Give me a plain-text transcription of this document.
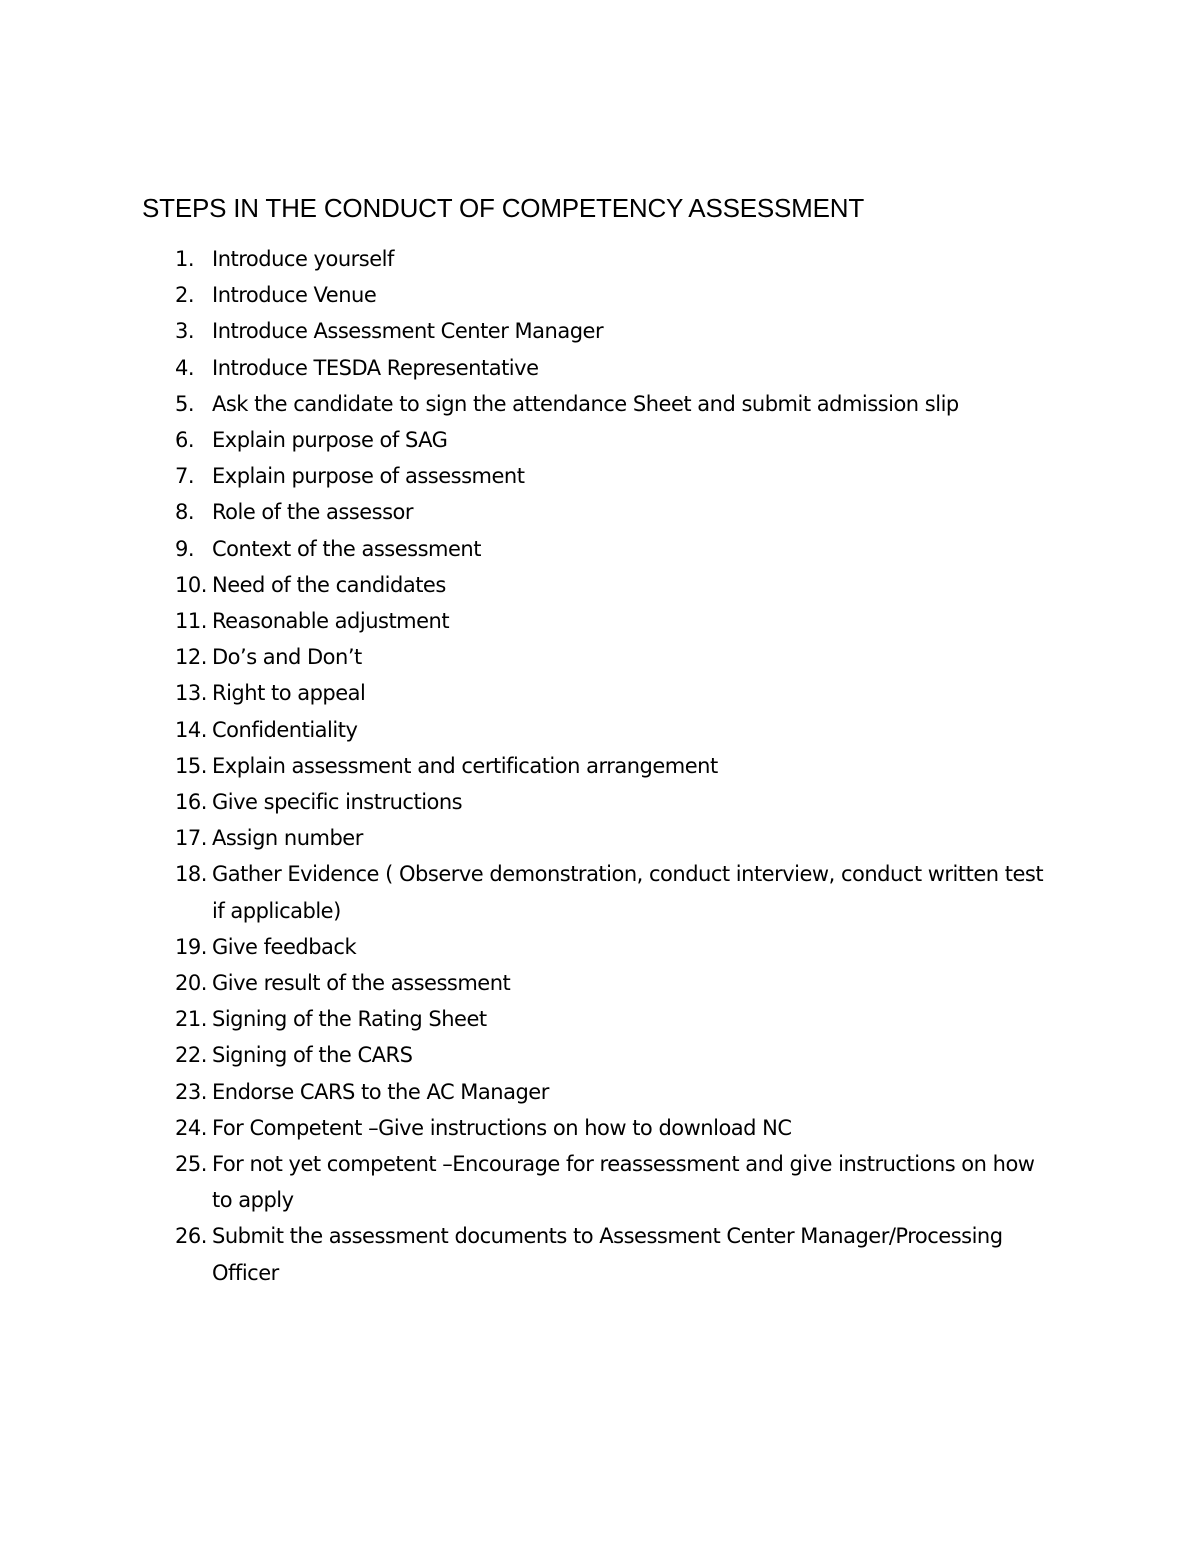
STEPS IN THE CONDUCT OF COMPETENCY ASSESSMENT
1. Introduce yourself
2. Introduce Venue
3. Introduce Assessment Center Manager
4. Introduce TESDA Representative
5. Ask the candidate to sign the attendance Sheet and submit admission slip
6. Explain purpose of SAG
7. Explain purpose of assessment
8. Role of the assessor
9. Context of the assessment
10. Need of the candidates
11. Reasonable adjustment
12. Do’s and Don’t
13. Right to appeal
14. Confidentiality
15. Explain assessment and certification arrangement
16. Give specific instructions
17. Assign number
18. Gather Evidence ( Observe demonstration, conduct interview, conduct written test if applicable)
19. Give feedback
20. Give result of the assessment
21. Signing of the Rating Sheet
22. Signing of the CARS
23. Endorse CARS to the AC Manager
24. For Competent –Give instructions on how to download NC
25. For not yet competent –Encourage for reassessment and give instructions on how to apply
26. Submit the assessment documents to Assessment Center Manager/Processing Officer
